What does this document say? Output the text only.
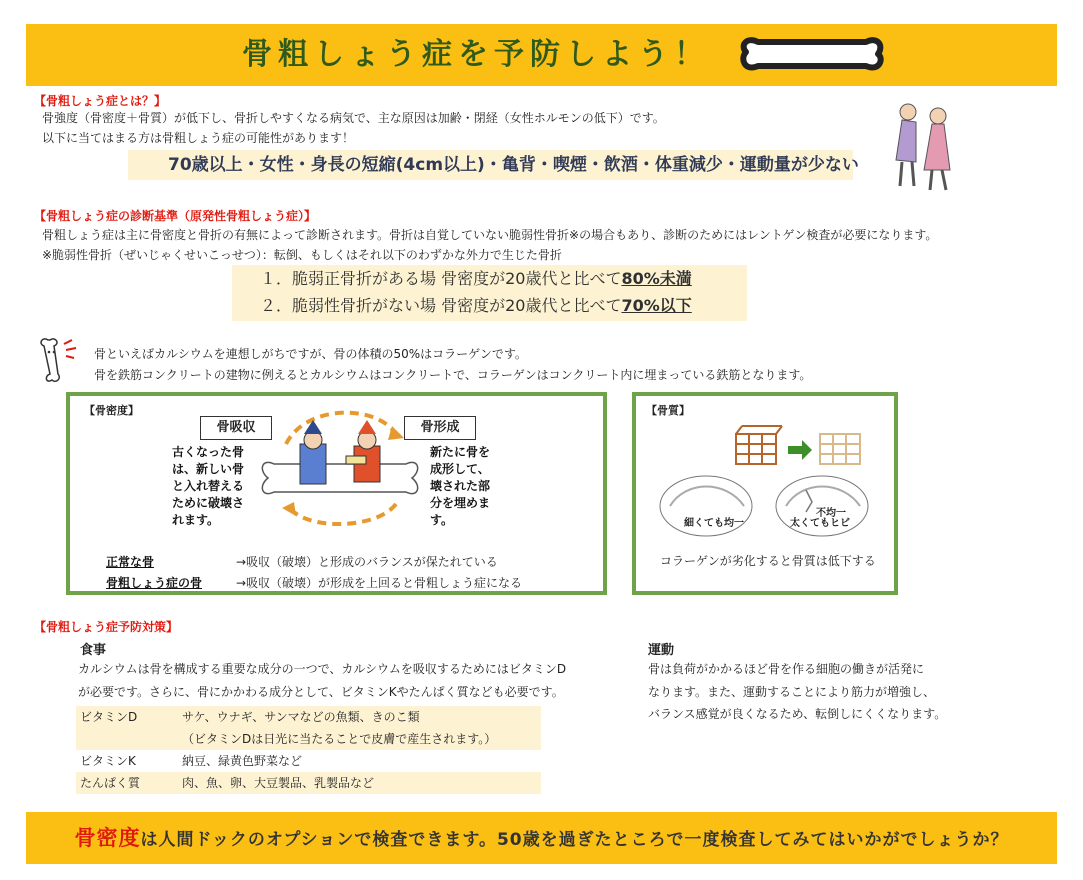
骨粗しょう症を予防しよう！
【骨粗しょう症とは？】
骨強度（骨密度＋骨質）が低下し、骨折しやすくなる病気で、主な原因は加齢・閉経（女性ホルモンの低下）です。
以下に当てはまる方は骨粗しょう症の可能性があります！
70歳以上・女性・身長の短縮(4cm以上)・亀背・喫煙・飲酒・体重減少・運動量が少ない
【骨粗しょう症の診断基準（原発性骨粗しょう症）】
骨粗しょう症は主に骨密度と骨折の有無によって診断されます。骨折は自覚していない脆弱性骨折※の場合もあり、診断のためにはレントゲン検査が必要になります。
※脆弱性骨折（ぜいじゃくせいこっせつ）：転倒、もしくはそれ以下のわずかな外力で生じた骨折
１．脆弱正骨折がある場 骨密度が20歳代と比べて80%未満
２．脆弱性骨折がない場 骨密度が20歳代と比べて70%以下
骨といえばカルシウムを連想しがちですが、骨の体積の50%はコラーゲンです。
骨を鉄筋コンクリートの建物に例えるとカルシウムはコンクリートで、コラーゲンはコンクリート内に埋まっている鉄筋となります。
【骨密度】
骨吸収	骨形成
古くなった骨
は、新しい骨
と入れ替える
ために破壊さ
れます。
新たに骨を
成形して、
壊された部
分を埋めま
す。
正常な骨	→吸収（破壊）と形成のバランスが保たれている
骨粗しょう症の骨	→吸収（破壊）が形成を上回ると骨粗しょう症になる
【骨質】
細くても均一
不均一
太くてもヒビ
コラーゲンが劣化すると骨質は低下する
【骨粗しょう症予防対策】
食事
カルシウムは骨を構成する重要な成分の一つで、カルシウムを吸収するためにはビタミンD
が必要です。さらに、骨にかかわる成分として、ビタミンKやたんぱく質なども必要です。
ビタミンD	サケ、ウナギ、サンマなどの魚類、きのこ類
（ビタミンDは日光に当たることで皮膚で産生されます。）
ビタミンK	納豆、緑黄色野菜など
たんぱく質	肉、魚、卵、大豆製品、乳製品など
運動
骨は負荷がかかるほど骨を作る細胞の働きが活発に
なります。また、運動することにより筋力が増強し、
バランス感覚が良くなるため、転倒しにくくなります。
骨密度は人間ドックのオプションで検査できます。50歳を過ぎたところで一度検査してみてはいかがでしょうか？
